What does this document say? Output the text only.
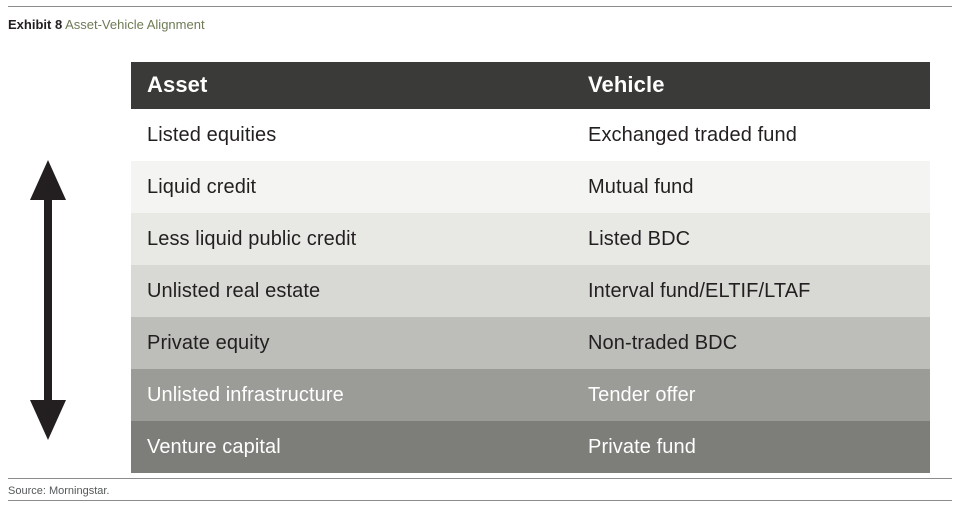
Exhibit 8 Asset-Vehicle Alignment
Asset	Vehicle
Listed equities	Exchanged traded fund
Liquid credit	Mutual fund
Less liquid public credit	Listed BDC
Unlisted real estate	Interval fund/ELTIF/LTAF
Private equity	Non-traded BDC
Unlisted infrastructure	Tender offer
Venture capital	Private fund
Source: Morningstar.
